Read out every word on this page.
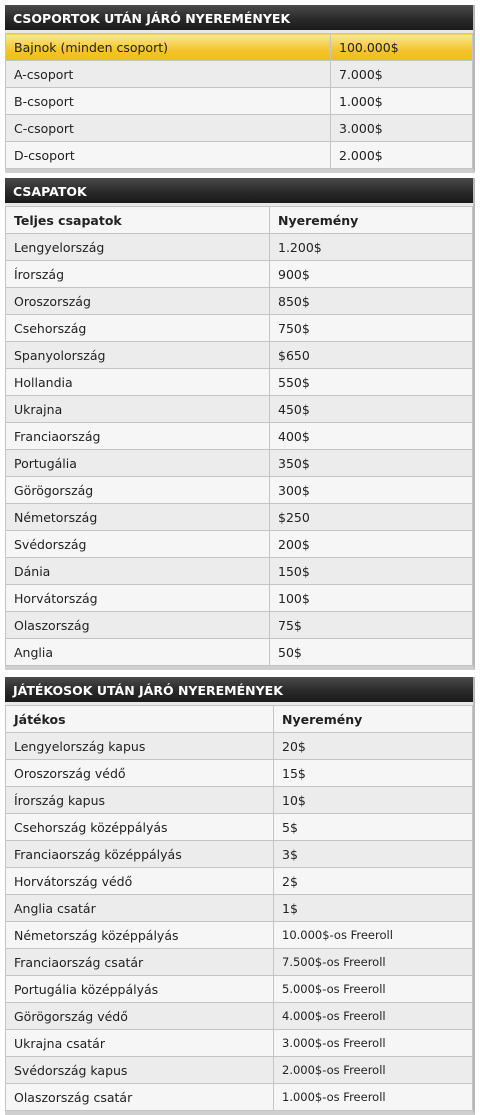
CSOPORTOK UTÁN JÁRÓ NYEREMÉNYEK
Bajnok (minden csoport)	100.000$
A-csoport	7.000$
B-csoport	1.000$
C-csoport	3.000$
D-csoport	2.000$
CSAPATOK
Teljes csapatok	Nyeremény
Lengyelország	1.200$
Írország	900$
Oroszország	850$
Csehország	750$
Spanyolország	$650
Hollandia	550$
Ukrajna	450$
Franciaország	400$
Portugália	350$
Görögország	300$
Németország	$250
Svédország	200$
Dánia	150$
Horvátország	100$
Olaszország	75$
Anglia	50$
JÁTÉKOSOK UTÁN JÁRÓ NYEREMÉNYEK
Játékos	Nyeremény
Lengyelország kapus	20$
Oroszország védő	15$
Írország kapus	10$
Csehország középpályás	5$
Franciaország középpályás	3$
Horvátország védő	2$
Anglia csatár	1$
Németország középpályás	10.000$-os Freeroll
Franciaország csatár	7.500$-os Freeroll
Portugália középpályás	5.000$-os Freeroll
Görögország védő	4.000$-os Freeroll
Ukrajna csatár	3.000$-os Freeroll
Svédország kapus	2.000$-os Freeroll
Olaszország csatár	1.000$-os Freeroll
